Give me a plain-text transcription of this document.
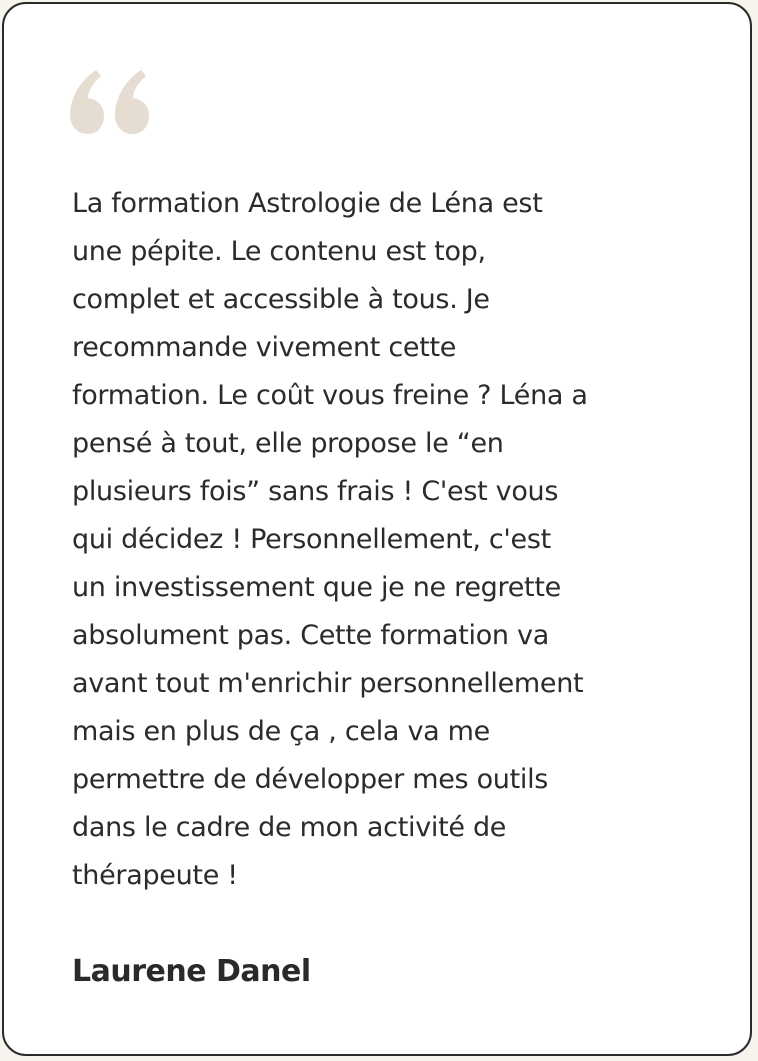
La formation Astrologie de Léna est
une pépite. Le contenu est top,
complet et accessible à tous. Je
recommande vivement cette
formation. Le coût vous freine ? Léna a
pensé à tout, elle propose le “en
plusieurs fois” sans frais ! C'est vous
qui décidez ! Personnellement, c'est
un investissement que je ne regrette
absolument pas. Cette formation va
avant tout m'enrichir personnellement
mais en plus de ça , cela va me
permettre de développer mes outils
dans le cadre de mon activité de
thérapeute !

Laurene Danel
